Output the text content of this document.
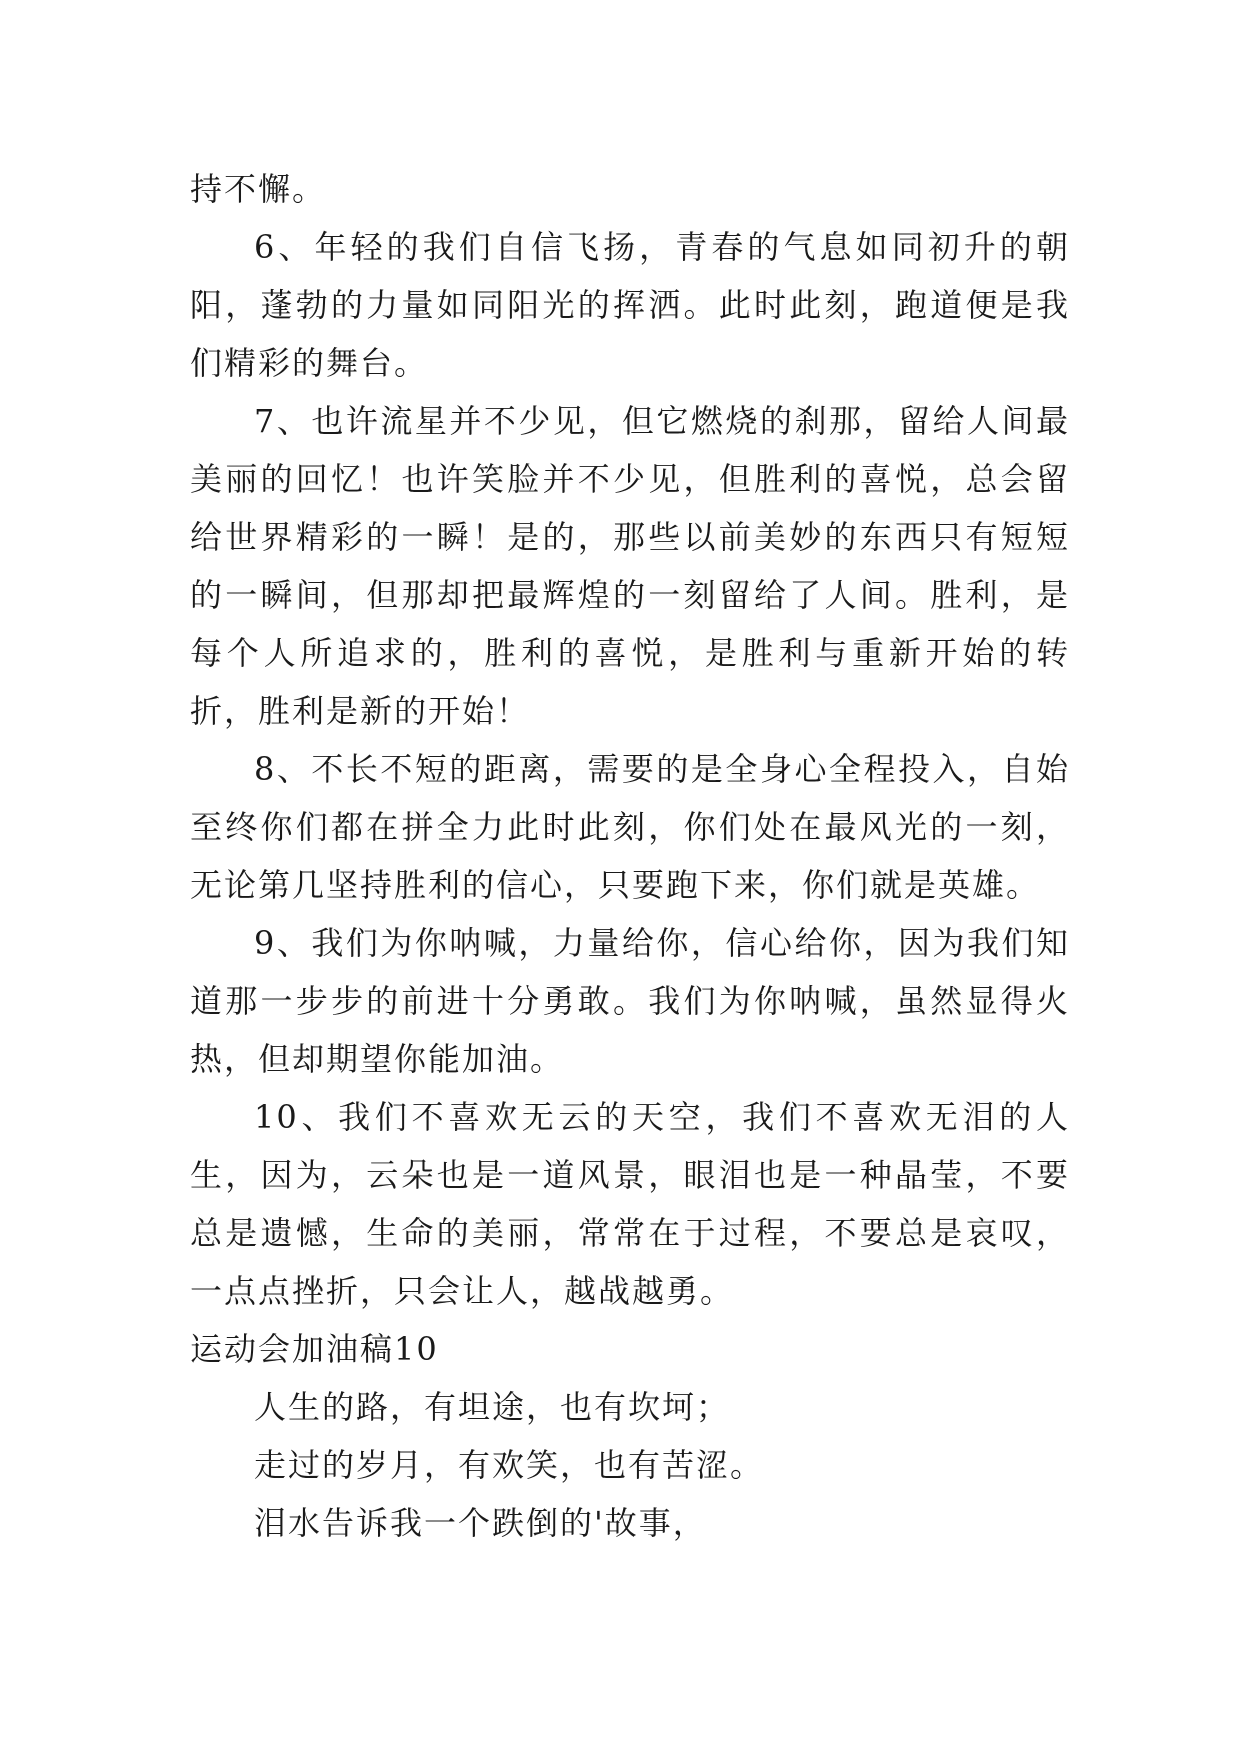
持不懈。

6、年轻的我们自信飞扬，青春的气息如同初升的朝阳，蓬勃的力量如同阳光的挥洒。此时此刻，跑道便是我们精彩的舞台。

7、也许流星并不少见，但它燃烧的刹那，留给人间最美丽的回忆！也许笑脸并不少见，但胜利的喜悦，总会留给世界精彩的一瞬！是的，那些以前美妙的东西只有短短的一瞬间，但那却把最辉煌的一刻留给了人间。胜利，是每个人所追求的，胜利的喜悦，是胜利与重新开始的转折，胜利是新的开始！

8、不长不短的距离，需要的是全身心全程投入，自始至终你们都在拼全力此时此刻，你们处在最风光的一刻，无论第几坚持胜利的信心，只要跑下来，你们就是英雄。

9、我们为你呐喊，力量给你，信心给你，因为我们知道那一步步的前进十分勇敢。我们为你呐喊，虽然显得火热，但却期望你能加油。

10、我们不喜欢无云的天空，我们不喜欢无泪的人生，因为，云朵也是一道风景，眼泪也是一种晶莹，不要总是遗憾，生命的美丽，常常在于过程，不要总是哀叹，一点点挫折，只会让人，越战越勇。

运动会加油稿10

人生的路，有坦途，也有坎坷；

走过的岁月，有欢笑，也有苦涩。

泪水告诉我一个跌倒的'故事，
